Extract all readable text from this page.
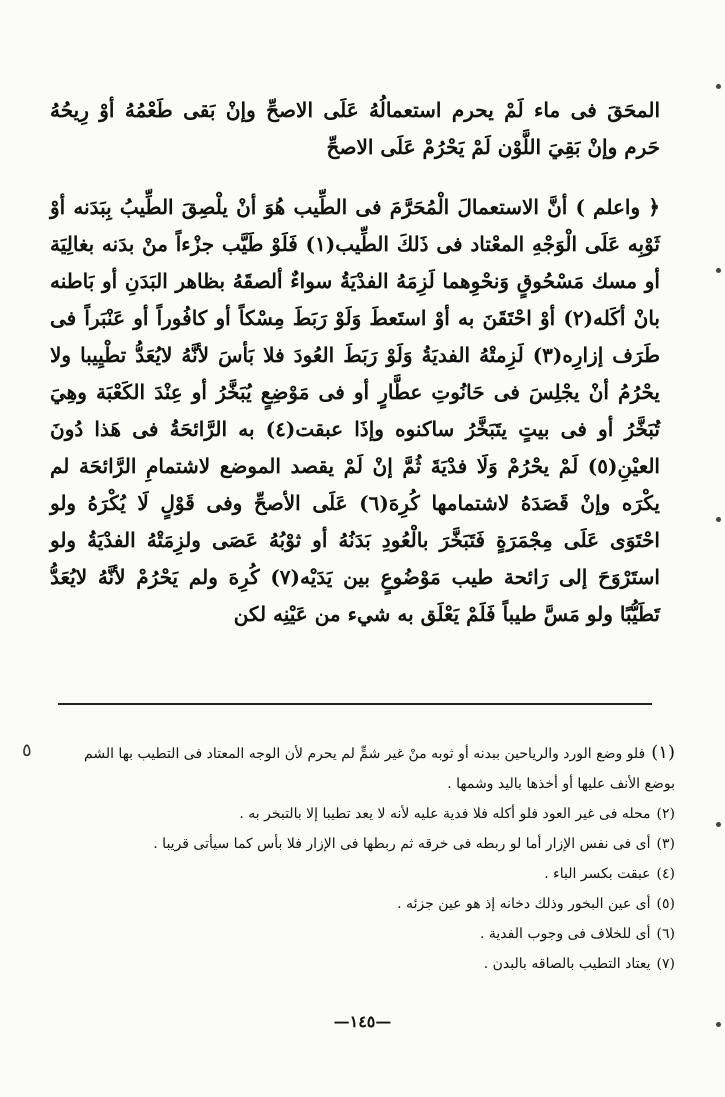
المحَقَ فى ماء لَمْ يحرم استعمالُهُ عَلَى الاصحِّ وإنْ بَقى طَعْمُهُ أوْ رِيحُهُ حَرم وإنْ بَقِيَ اللَّوْن لَمْ يَحْرُمْ عَلَى الاصحِّ

﴿ واعلم ) أنَّ الاستعمالَ الْمُحَرَّمَ فى الطِّيب هُوَ أنْ يلْصِقَ الطِّيبُ بِبَدَنه أوْ ثَوْبِه عَلَى الْوَجْهِ المعْتاد فى ذَلكَ الطِّيب(١) فَلَوْ طَيَّب جزْءاً منْ بدَنه بغالِيَة أو مسك مَسْحُوقٍ وَنحْوِهما لَزِمَهُ الفدْيَةُ سواءٌ ألصقَهُ بظاهر البَدَنِ أو بَاطنه بانْ أكَله(٢) أوْ احْتَقَنَ به أوْ استَعطَ وَلَوْ رَبَطَ مِسْكاً أو كافُوراً أو عَنْبَراً فى طَرَف إزارِه(٣) لَزِمتْهُ الفديَةُ وَلَوْ رَبَطَ العُودَ فلا بَأسَ لأنَّهُ لايُعَدُّ تطْيِيبا ولا يحْرُمُ أنْ يجْلِسَ فى حَانُوتِ عطَّارٍ أو فى مَوْضِعٍ يُبَخَّرُ أو عِنْدَ الكَعْبَة وهِيَ تُبَخَّرُ أو فى بيتٍ يتَبَخَّرُ ساكنوه وإذَا عبقت(٤) به الرَّائحَةُ فى هَذا دُونَ العيْنِ(٥) لَمْ يحْرُمْ وَلَا فدْيَةَ ثُمَّ إنْ لَمْ يقصد الموضع لاشتمامِ الرَّائحَة لم يكْرَه وإنْ قَصَدَهُ لاشتمامها كُرِهَ(٦) عَلَى الأصحِّ وفى قَوْلٍ لَا يُكْرَهُ ولو احْتَوَى عَلَى مِجْمَرَةٍ فَتَبَخَّرَ بالْعُودِ بَدَنُهُ أو ثوْبُهُ عَصَى ولزِمَتْهُ الفدْيَةُ ولو استَرْوَحَ إلى رَائحة طيب مَوْضُوعٍ بين يَدَيْه(٧) كُرِهَ ولم يَحْرُمْ لأنَّهُ لايُعَدُّ تَطَيُّبًا ولو مَسَّ طيباً فَلَمْ يَعْلَق به شيء من عَيْنِه لكن

٥	(١)فلو وضع الورد والرياحين ببدنه أو ثوبه منْ غير شمٍّ لم يحرم لأن الوجه المعتاد فى التطيب بها الشم بوضع الأنف عليها أو أخذها باليد وشمها .

(٢)محله فى غير العود فلو أكله فلا فدية عليه لأنه لا يعد تطيبا إلا بالتبخر به .

(٣)أى فى نفس الإزار أما لو ربطه فى خرقه ثم ربطها فى الإزار فلا بأس كما سيأتى قريبا .

(٤)عبقت بكسر الباء .

(٥)أى عين البخور وذلك دخانه إذ هو عين جزئه .

(٦)أى للخلاف فى وجوب الفدية .

(٧)يعتاد التطيب بالصاقه بالبدن .

—١٤٥—
